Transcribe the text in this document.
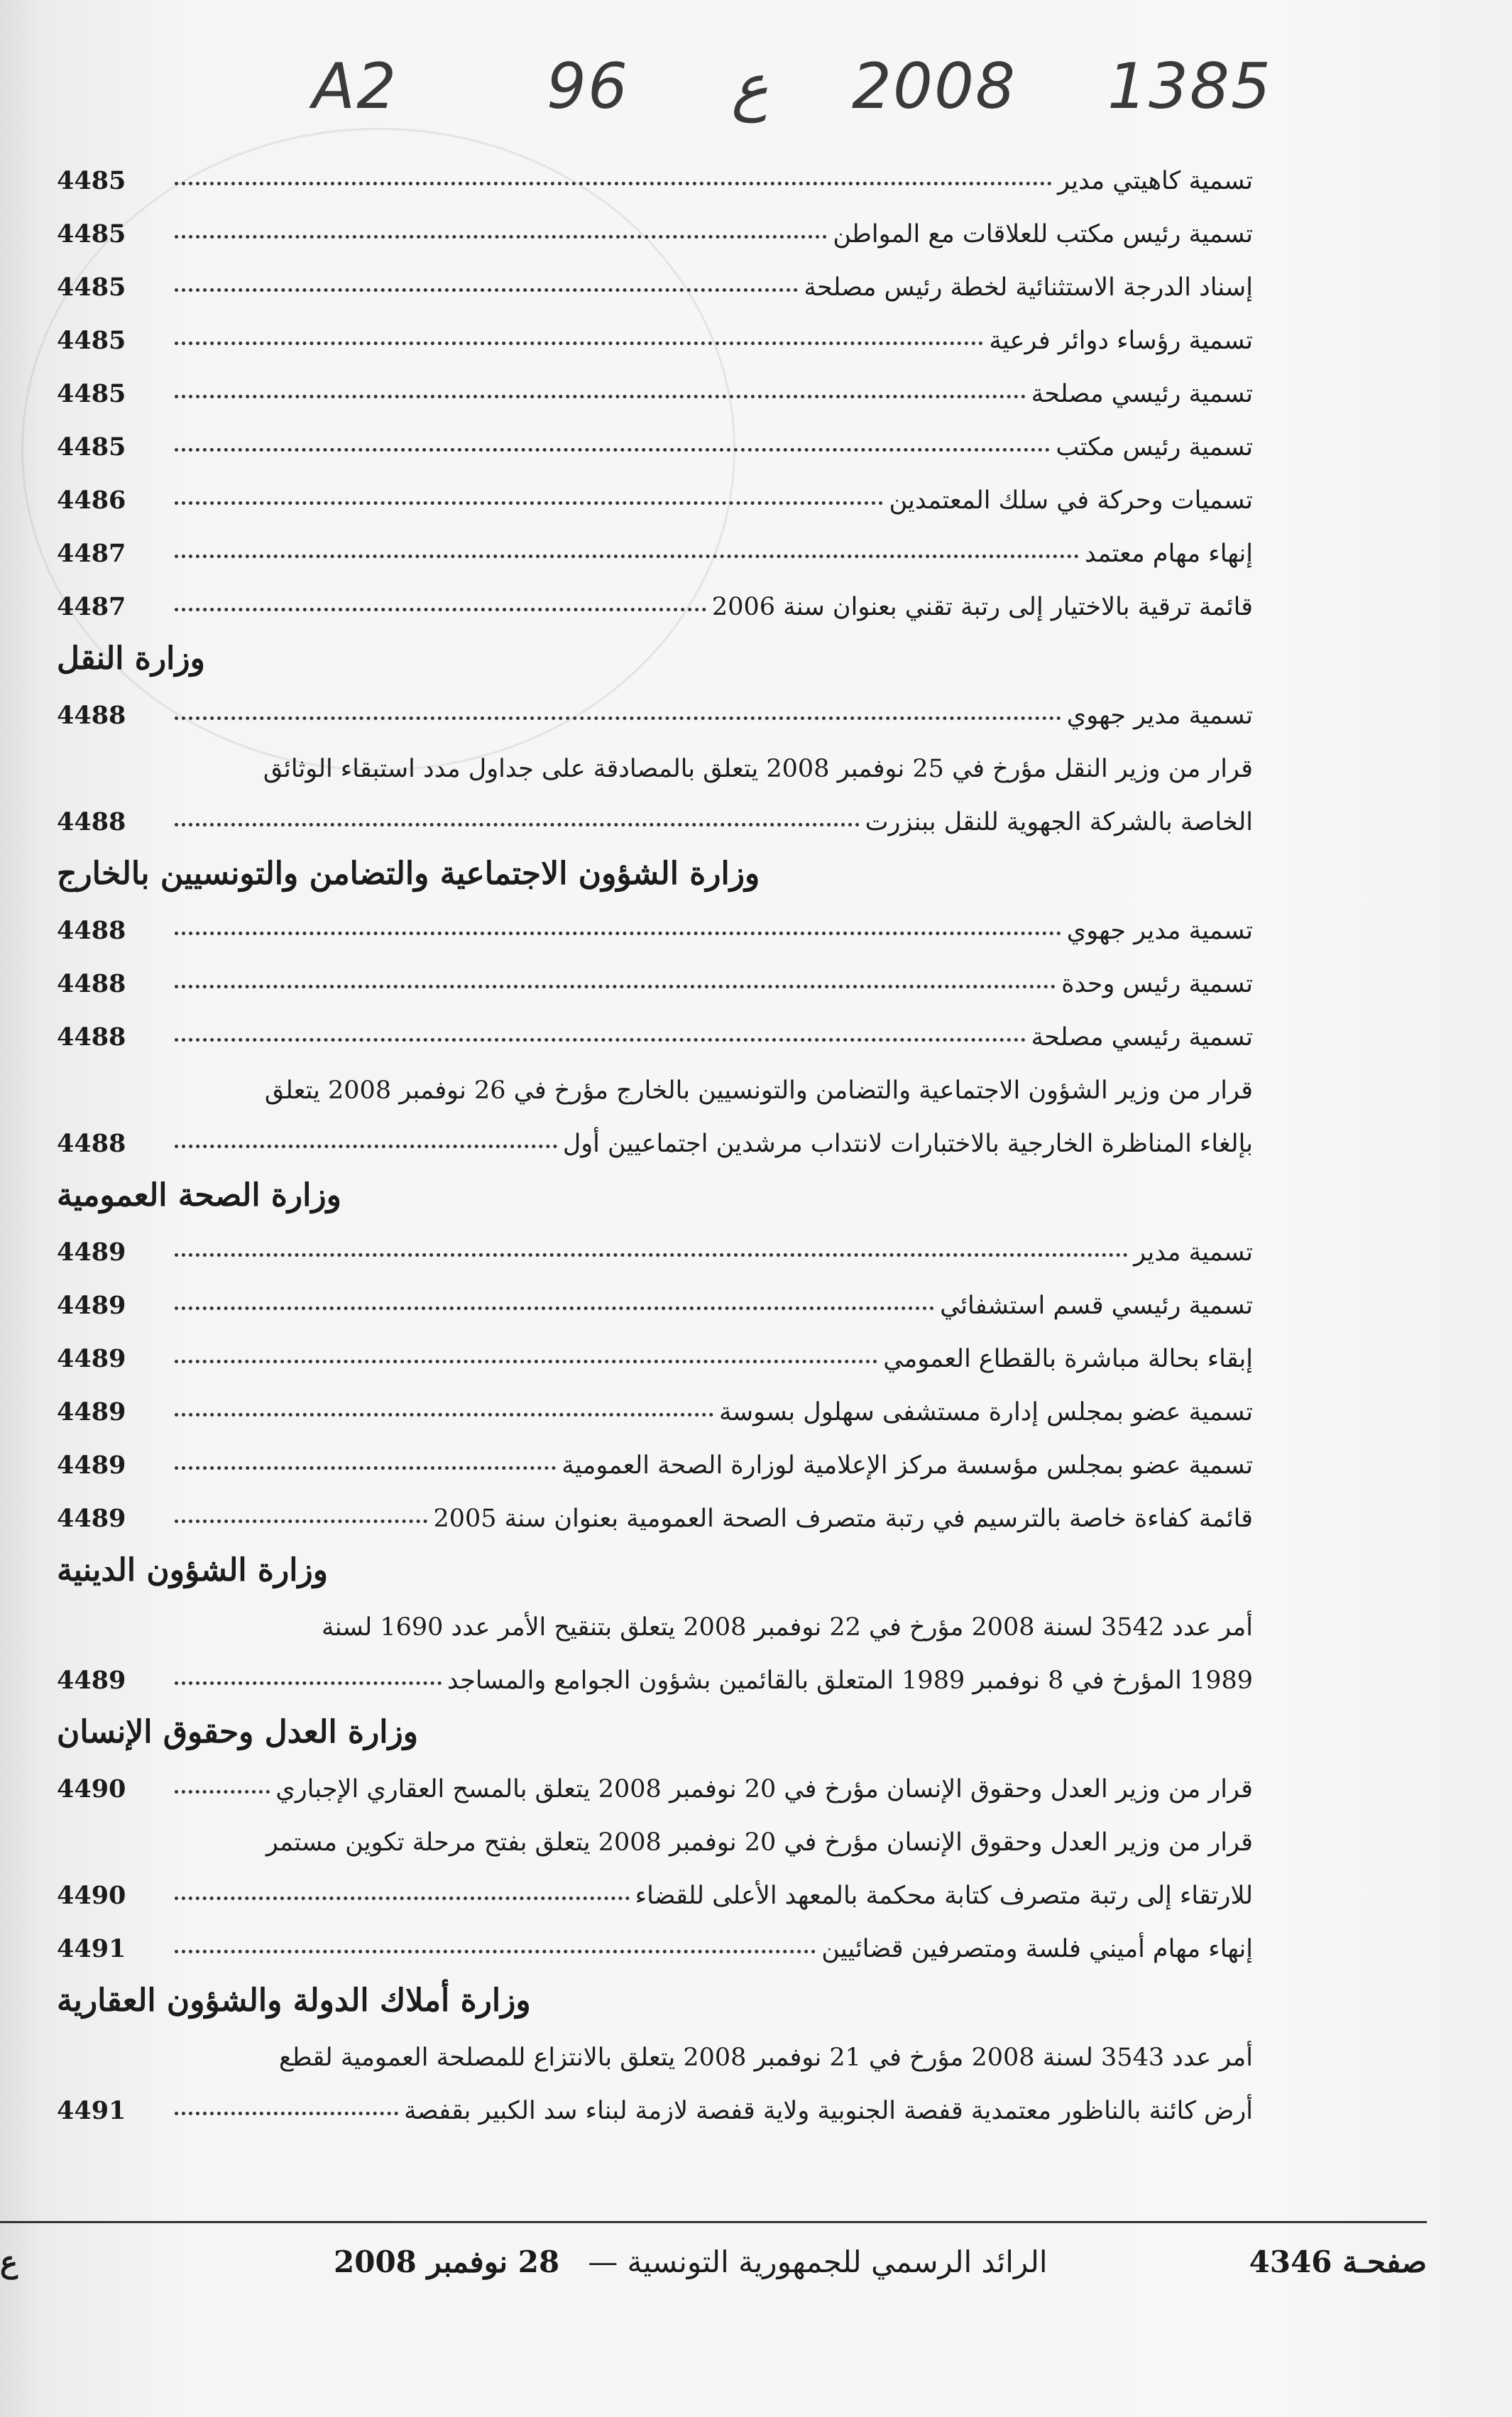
A2 96 ع 2008 1385
4485	تسمية كاهيتي مدير
4485	تسمية رئيس مكتب للعلاقات مع المواطن
4485	إسناد الدرجة الاستثنائية لخطة رئيس مصلحة
4485	تسمية رؤساء دوائر فرعية
4485	تسمية رئيسي مصلحة
4485	تسمية رئيس مكتب
4486	تسميات وحركة في سلك المعتمدين
4487	إنهاء مهام معتمد
4487	قائمة ترقية بالاختيار إلى رتبة تقني بعنوان سنة 2006
وزارة النقل
4488	تسمية مدير جهوي
قرار من وزير النقل مؤرخ في 25 نوفمبر 2008 يتعلق بالمصادقة على جداول مدد استبقاء الوثائق
4488	الخاصة بالشركة الجهوية للنقل ببنزرت
وزارة الشؤون الاجتماعية والتضامن والتونسيين بالخارج
4488	تسمية مدير جهوي
4488	تسمية رئيس وحدة
4488	تسمية رئيسي مصلحة
قرار من وزير الشؤون الاجتماعية والتضامن والتونسيين بالخارج مؤرخ في 26 نوفمبر 2008 يتعلق
4488	بإلغاء المناظرة الخارجية بالاختبارات لانتداب مرشدين اجتماعيين أول
وزارة الصحة العمومية
4489	تسمية مدير
4489	تسمية رئيسي قسم استشفائي
4489	إبقاء بحالة مباشرة بالقطاع العمومي
4489	تسمية عضو بمجلس إدارة مستشفى سهلول بسوسة
4489	تسمية عضو بمجلس مؤسسة مركز الإعلامية لوزارة الصحة العمومية
4489	قائمة كفاءة خاصة بالترسيم في رتبة متصرف الصحة العمومية بعنوان سنة 2005
وزارة الشؤون الدينية
أمر عدد 3542 لسنة 2008 مؤرخ في 22 نوفمبر 2008 يتعلق بتنقيح الأمر عدد 1690 لسنة
4489	1989 المؤرخ في 8 نوفمبر 1989 المتعلق بالقائمين بشؤون الجوامع والمساجد
وزارة العدل وحقوق الإنسان
4490	قرار من وزير العدل وحقوق الإنسان مؤرخ في 20 نوفمبر 2008 يتعلق بالمسح العقاري الإجباري
قرار من وزير العدل وحقوق الإنسان مؤرخ في 20 نوفمبر 2008 يتعلق بفتح مرحلة تكوين مستمر
4490	للارتقاء إلى رتبة متصرف كتابة محكمة بالمعهد الأعلى للقضاء
4491	إنهاء مهام أميني فلسة ومتصرفين قضائيين
وزارة أملاك الدولة والشؤون العقارية
أمر عدد 3543 لسنة 2008 مؤرخ في 21 نوفمبر 2008 يتعلق بالانتزاع للمصلحة العمومية لقطع
4491	أرض كائنة بالناظور معتمدية قفصة الجنوبية ولاية قفصة لازمة لبناء سد الكبير بقفصة
ع	28 نوفمبر 2008 الرائد الرسمي للجمهورية التونسية —	صفحـة 4346
